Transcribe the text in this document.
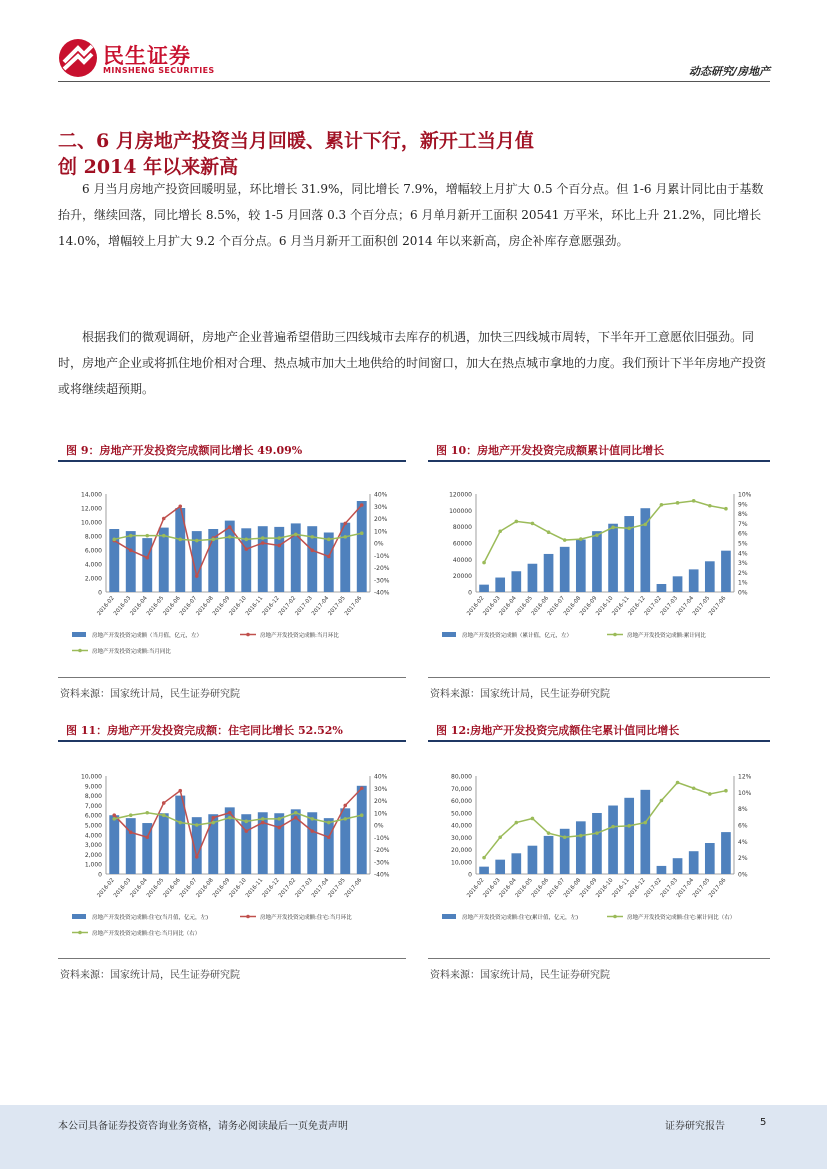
民生证券
MINSHENG SECURITIES	动态研究/房地产
二、6 月房地产投资当月回暖、累计下行，新开工当月值
创 2014 年以来新高

6 月当月房地产投资回暖明显，环比增长 31.9%，同比增长 7.9%，增幅较上月扩大 0.5 个百分点。但 1-6 月累计同比由于基数抬升，继续回落，同比增长 8.5%，较 1-5 月回落 0.3 个百分点；6 月单月新开工面积 20541 万平米，环比上升 21.2%，同比增长 14.0%，增幅较上月扩大 9.2 个百分点。6 月当月新开工面积创 2014 年以来新高，房企补库存意愿强劲。

根据我们的微观调研，房地产企业普遍希望借助三四线城市去库存的机遇，加快三四线城市周转，下半年开工意愿依旧强劲。同时，房地产企业或将抓住地价相对合理、热点城市加大土地供给的时间窗口，加大在热点城市拿地的力度。我们预计下半年房地产投资或将继续超预期。

图 9：房地产开发投资完成额同比增长 49.09%
0
2,000
4,000
6,000
8,000
10,000
12,000
14,000
-40%
-30%
-20%
-10%
0%
10%
20%
30%
40%
2016-02
2016-03
2016-04
2016-05
2016-06
2016-07
2016-08
2016-09
2016-10
2016-11
2016-12
2017-02
2017-03
2017-04
2017-05
2017-06
房地产开发投资完成额（当月值，亿元，左）	房地产开发投资完成额:当月环比
房地产开发投资完成额:当月同比
资料来源：国家统计局，民生证券研究院
图 10：房地产开发投资完成额累计值同比增长
0
20000
40000
60000
80000
100000
120000
0%
1%
2%
3%
4%
5%
6%
7%
8%
9%
10%
2016-02
2016-03
2016-04
2016-05
2016-06
2016-07
2016-08
2016-09
2016-10
2016-11
2016-12
2017-02
2017-03
2017-04
2017-05
2017-06
房地产开发投资完成额（累计值，亿元，左）	房地产开发投资完成额:累计同比
资料来源：国家统计局，民生证券研究院
图 11：房地产开发投资完成额：住宅同比增长 52.52%
0
1,000
2,000
3,000
4,000
5,000
6,000
7,000
8,000
9,000
10,000
-40%
-30%
-20%
-10%
0%
10%
20%
30%
40%
2016-02
2016-03
2016-04
2016-05
2016-06
2016-07
2016-08
2016-09
2016-10
2016-11
2016-12
2017-02
2017-03
2017-04
2017-05
2017-06
房地产开发投资完成额:住宅(当月值，亿元，左)	房地产开发投资完成额:住宅:当月环比
房地产开发投资完成额:住宅:当月同比（右）
资料来源：国家统计局，民生证券研究院
图 12:房地产开发投资完成额住宅累计值同比增长
0
10,000
20,000
30,000
40,000
50,000
60,000
70,000
80,000
0%
2%
4%
6%
8%
10%
12%
2016-02
2016-03
2016-04
2016-05
2016-06
2016-07
2016-08
2016-09
2016-10
2016-11
2016-12
2017-02
2017-03
2017-04
2017-05
2017-06
房地产开发投资完成额:住宅(累计值，亿元，左)	房地产开发投资完成额:住宅:累计同比（右）
资料来源：国家统计局，民生证券研究院
本公司具备证券投资咨询业务资格，请务必阅读最后一页免责声明	证券研究报告	5
